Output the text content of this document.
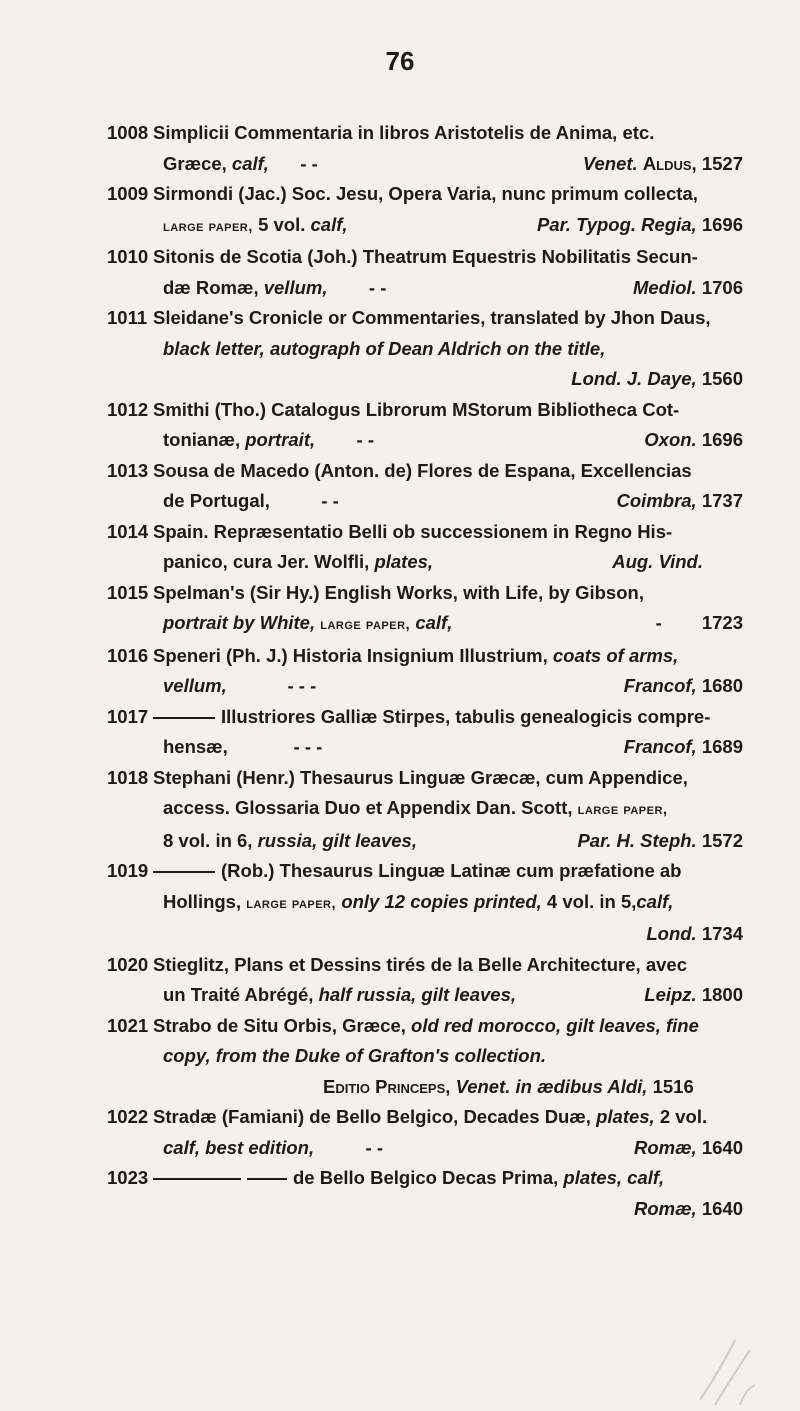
76
1008 Simplicii Commentaria in libros Aristotelis de Anima, etc.
Græce, calf, - -	Venet. Aldus, 1527
1009 Sirmondi (Jac.) Soc. Jesu, Opera Varia, nunc primum collecta,
large paper, 5 vol. calf,	Par. Typog. Regia, 1696
1010 Sitonis de Scotia (Joh.) Theatrum Equestris Nobilitatis Secun-
dæ Romæ, vellum, - -	Mediol. 1706
1011 Sleidane's Cronicle or Commentaries, translated by Jhon Daus,
black letter, autograph of Dean Aldrich on the title,
Lond. J. Daye, 1560
1012 Smithi (Tho.) Catalogus Librorum MStorum Bibliotheca Cot-
tonianæ, portrait, - -	Oxon. 1696
1013 Sousa de Macedo (Anton. de) Flores de Espana, Excellencias
de Portugal,	- -	Coimbra, 1737
1014 Spain. Repræsentatio Belli ob successionem in Regno His-
panico, cura Jer. Wolfli, plates,	Aug. Vind.
1015 Spelman's (Sir Hy.) English Works, with Life, by Gibson,
portrait by White, large paper, calf,	- 1723
1016 Speneri (Ph. J.) Historia Insignium Illustrium, coats of arms,
vellum,	- - -	Francof, 1680
1017	Illustriores Galliæ Stirpes, tabulis genealogicis compre-
hensæ,	- - -	Francof, 1689
1018 Stephani (Henr.) Thesaurus Linguæ Græcæ, cum Appendice,
access. Glossaria Duo et Appendix Dan. Scott, large paper,
8 vol. in 6, russia, gilt leaves,	Par. H. Steph. 1572
1019	(Rob.) Thesaurus Linguæ Latinæ cum præfatione ab
Hollings, large paper, only 12 copies printed, 4 vol. in 5,calf,
Lond. 1734
1020 Stieglitz, Plans et Dessins tirés de la Belle Architecture, avec
un Traité Abrégé, half russia, gilt leaves,	Leipz. 1800
1021 Strabo de Situ Orbis, Græce, old red morocco, gilt leaves, fine
copy, from the Duke of Grafton's collection.
Editio Princeps, Venet. in ædibus Aldi, 1516
1022 Stradæ (Famiani) de Bello Belgico, Decades Duæ, plates, 2 vol.
calf, best edition,	- -	Romæ, 1640
1023	de Bello Belgico Decas Prima, plates, calf,
Romæ, 1640
